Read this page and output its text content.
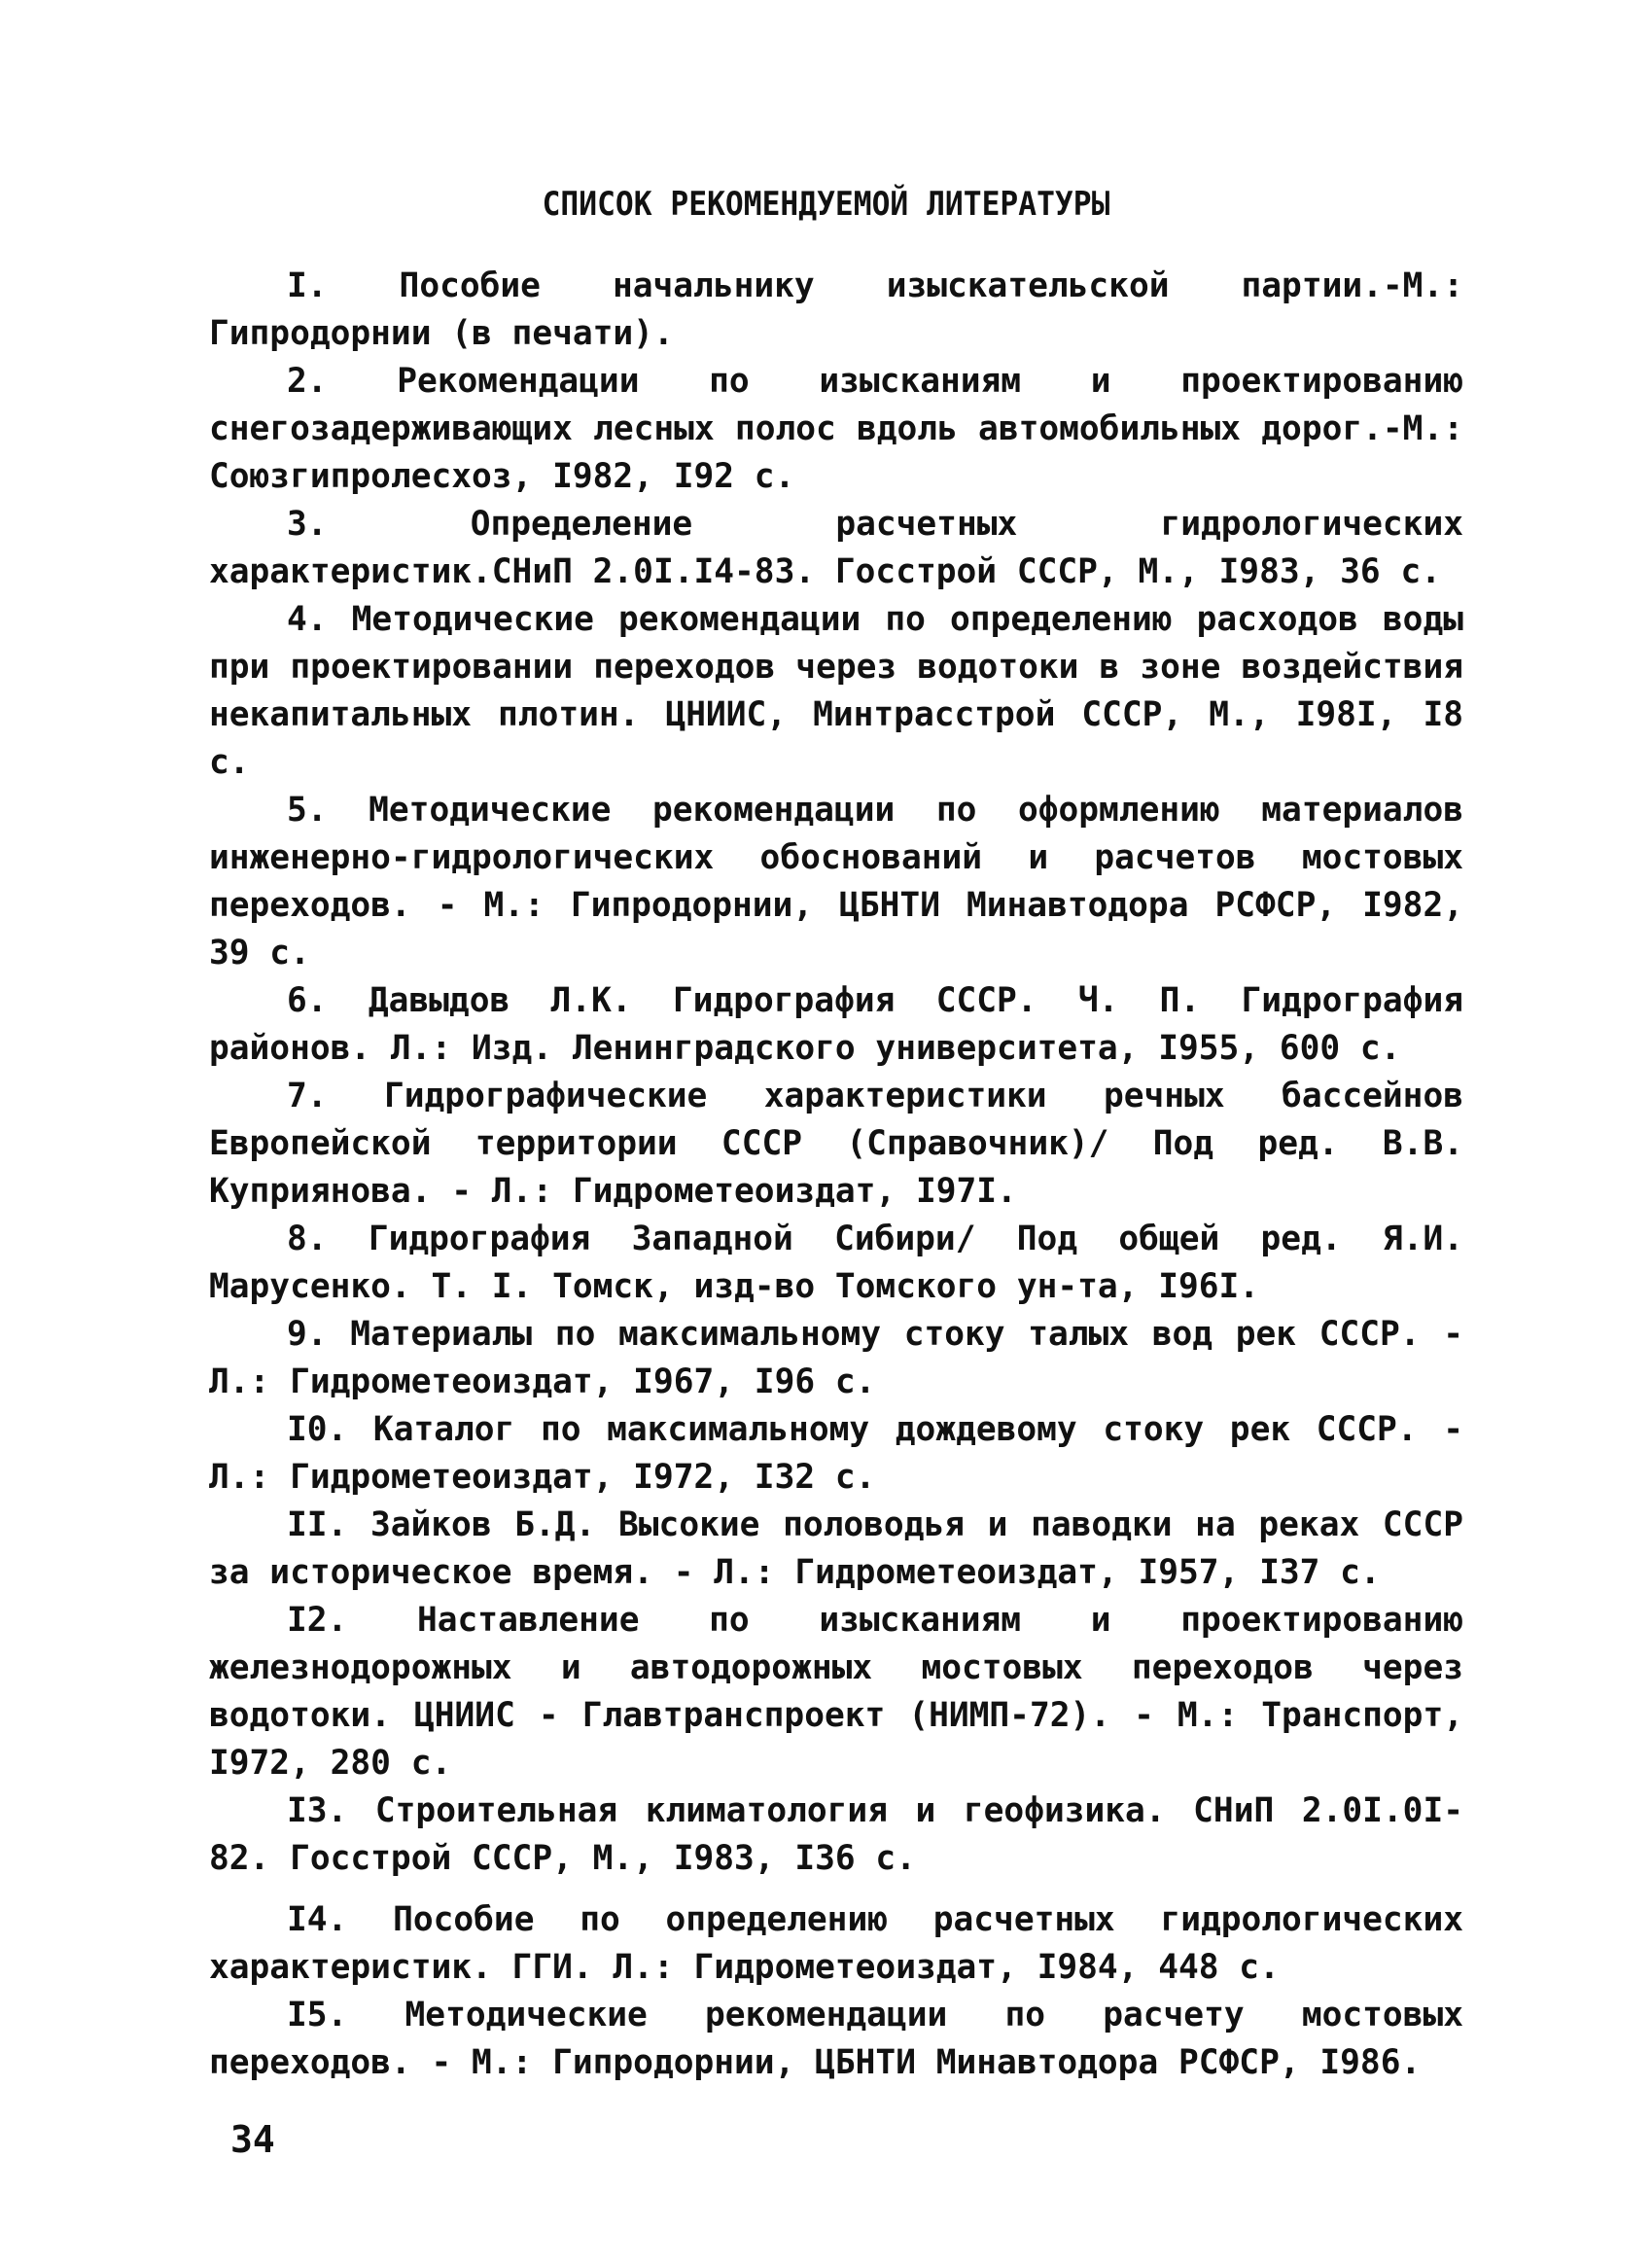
СПИСОК РЕКОМЕНДУЕМОЙ ЛИТЕРАТУРЫ

I. Пособие начальнику изыскательской партии.-М.: Гипродорнии (в печати).

2. Рекомендации по изысканиям и проектированию снегозадерживающих лесных полос вдоль автомобильных дорог.-М.: Союзгипролесхоз, I982, I92 с.

3. Определение расчетных гидрологических характеристик.СНиП 2.0I.I4-83. Госстрой СССР, М., I983, 36 с.

4. Методические рекомендации по определению расходов воды при проектировании переходов через водотоки в зоне воздействия некапитальных плотин. ЦНИИС, Минтрасстрой СССР, М., I98I, I8 с.

5. Методические рекомендации по оформлению материалов инженерно-гидрологических обоснований и расчетов мостовых переходов. - М.: Гипродорнии, ЦБНТИ Минавтодора РСФСР, I982, 39 с.

6. Давыдов Л.К. Гидрография СССР. Ч. П. Гидрография районов. Л.: Изд. Ленинградского университета, I955, 600 с.

7. Гидрографические характеристики речных бассейнов Европейской территории СССР (Справочник)/ Под ред. В.В. Куприянова. - Л.: Гидрометеоиздат, I97I.

8. Гидрография Западной Сибири/ Под общей ред. Я.И. Марусенко. Т. I. Томск, изд-во Томского ун-та, I96I.

9. Материалы по максимальному стоку талых вод рек СССР. - Л.: Гидрометеоиздат, I967, I96 с.

I0. Каталог по максимальному дождевому стоку рек СССР. - Л.: Гидрометеоиздат, I972, I32 с.

II. Зайков Б.Д. Высокие половодья и паводки на реках СССР за историческое время. - Л.: Гидрометеоиздат, I957, I37 с.

I2. Наставление по изысканиям и проектированию железнодорожных и автодорожных мостовых переходов через водотоки. ЦНИИС - Главтранспроект (НИМП-72). - М.: Транспорт, I972, 280 с.

I3. Строительная климатология и геофизика. СНиП 2.0I.0I-82. Госстрой СССР, М., I983, I36 с.

I4. Пособие по определению расчетных гидрологических характеристик. ГГИ. Л.: Гидрометеоиздат, I984, 448 с.

I5. Методические рекомендации по расчету мостовых переходов. - М.: Гипродорнии, ЦБНТИ Минавтодора РСФСР, I986.

34
